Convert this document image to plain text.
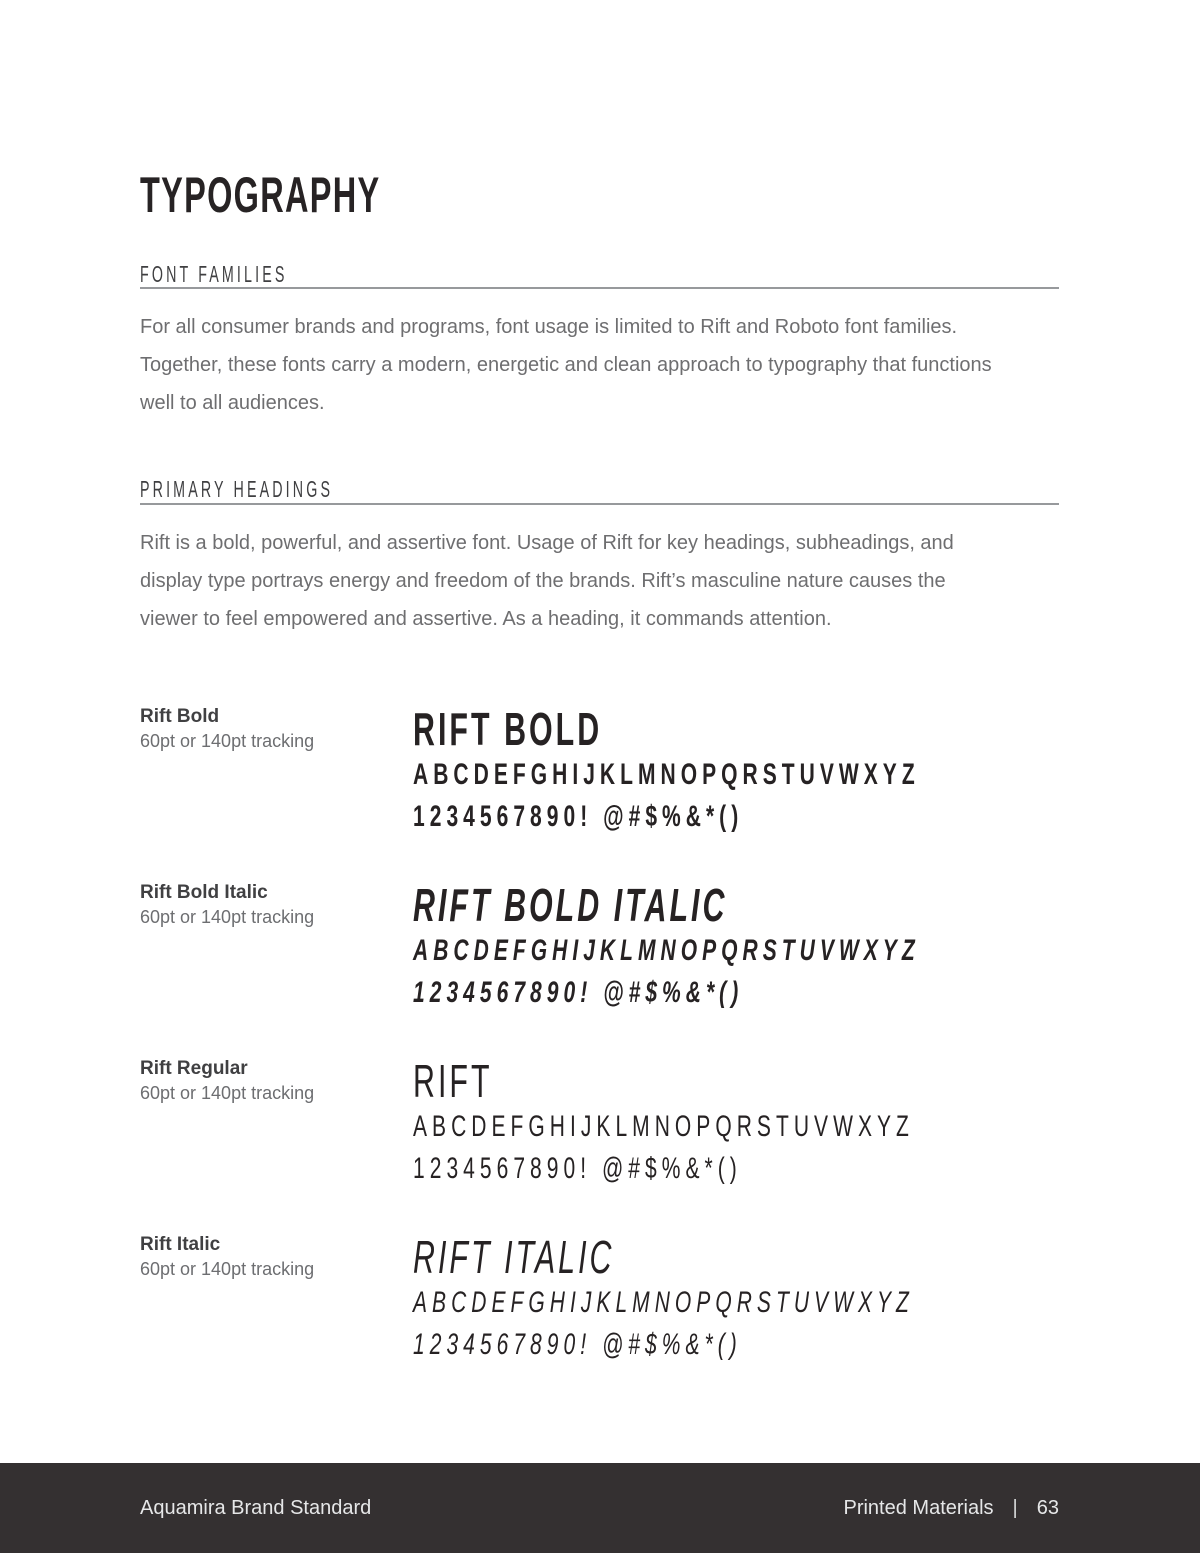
TYPOGRAPHY
FONT FAMILIES
For all consumer brands and programs, font usage is limited to Rift and Roboto font families.
Together, these fonts carry a modern, energetic and clean approach to typography that functions
well to all audiences.
PRIMARY HEADINGS
Rift is a bold, powerful, and assertive font. Usage of Rift for key headings, subheadings, and
display type portrays energy and freedom of the brands. Rift’s masculine nature causes the
viewer to feel empowered and assertive. As a heading, it commands attention.
Rift Bold
60pt or 140pt tracking RIFT BOLD
ABCDEFGHIJKLMNOPQRSTUVWXYZ
1234567890! @#$%&*()
Rift Bold Italic
60pt or 140pt tracking RIFT BOLD ITALIC
ABCDEFGHIJKLMNOPQRSTUVWXYZ
1234567890! @#$%&*()
Rift Regular
60pt or 140pt tracking RIFT
ABCDEFGHIJKLMNOPQRSTUVWXYZ
1234567890! @#$%&*()
Rift Italic
60pt or 140pt tracking RIFT ITALIC
ABCDEFGHIJKLMNOPQRSTUVWXYZ
1234567890! @#$%&*()
Aquamira Brand Standard	Printed Materials | 63
